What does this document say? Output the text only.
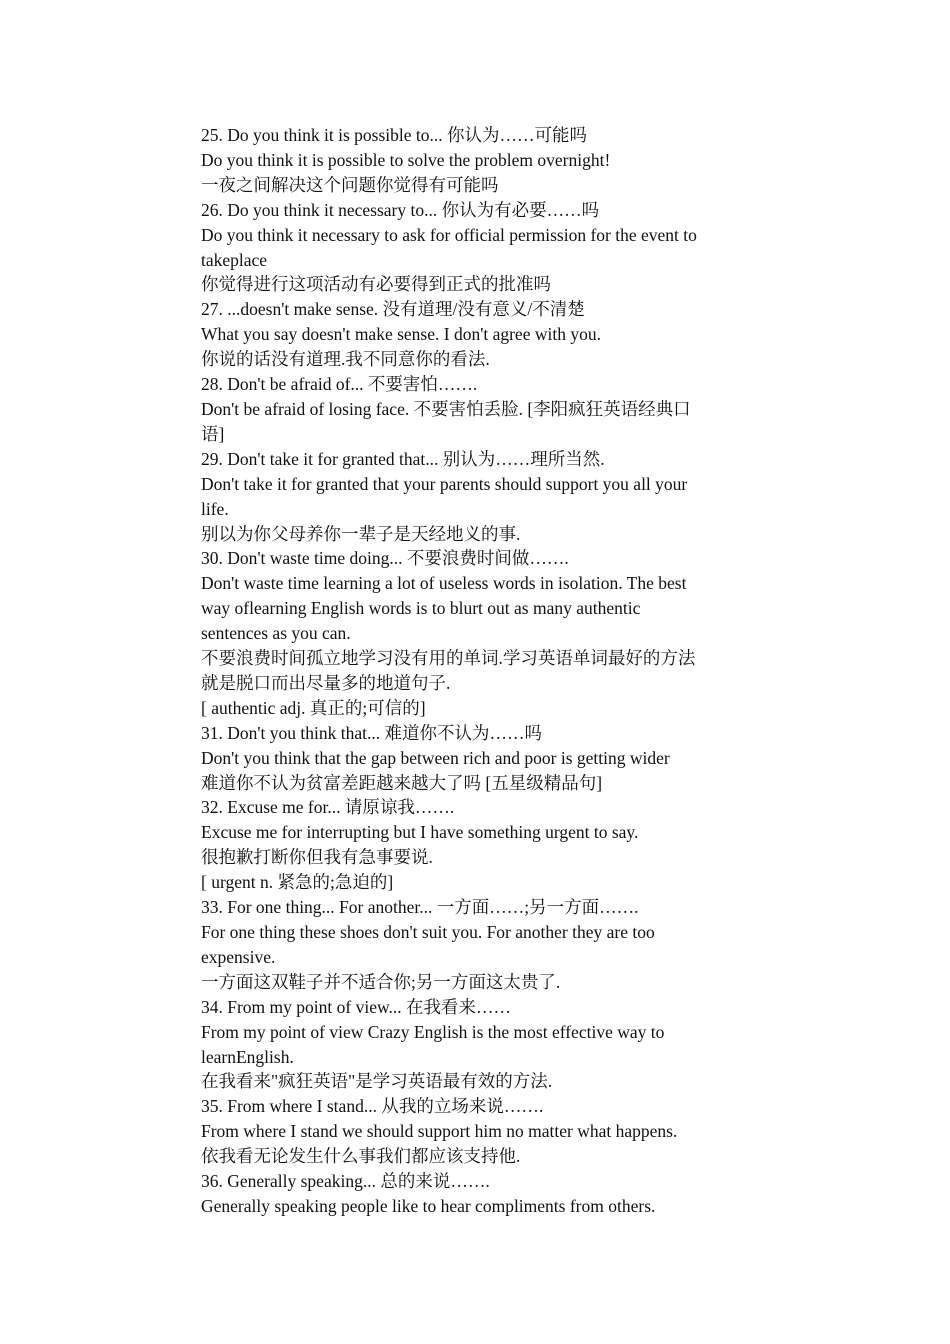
25. Do you think it is possible to... 你认为……可能吗
Do you think it is possible to solve the problem overnight!
一夜之间解决这个问题你觉得有可能吗
26. Do you think it necessary to... 你认为有必要……吗
Do you think it necessary to ask for official permission for the event to
takeplace
你觉得进行这项活动有必要得到正式的批准吗
27. ...doesn't make sense. 没有道理/没有意义/不清楚
What you say doesn't make sense. I don't agree with you.
你说的话没有道理.我不同意你的看法.
28. Don't be afraid of... 不要害怕…….
Don't be afraid of losing face. 不要害怕丢脸. [李阳疯狂英语经典口
语]
29. Don't take it for granted that... 别认为……理所当然.
Don't take it for granted that your parents should support you all your
life.
别以为你父母养你一辈子是天经地义的事.
30. Don't waste time doing... 不要浪费时间做…….
Don't waste time learning a lot of useless words in isolation. The best
way oflearning English words is to blurt out as many authentic
sentences as you can.
不要浪费时间孤立地学习没有用的单词.学习英语单词最好的方法
就是脱口而出尽量多的地道句子.
[ authentic adj. 真正的;可信的]
31. Don't you think that... 难道你不认为……吗
Don't you think that the gap between rich and poor is getting wider
难道你不认为贫富差距越来越大了吗 [五星级精品句]
32. Excuse me for... 请原谅我…….
Excuse me for interrupting but I have something urgent to say.
很抱歉打断你但我有急事要说.
[ urgent n. 紧急的;急迫的]
33. For one thing... For another... 一方面……;另一方面…….
For one thing these shoes don't suit you. For another they are too
expensive.
一方面这双鞋子并不适合你;另一方面这太贵了.
34. From my point of view... 在我看来……
From my point of view Crazy English is the most effective way to
learnEnglish.
在我看来"疯狂英语"是学习英语最有效的方法.
35. From where I stand... 从我的立场来说…….
From where I stand we should support him no matter what happens.
依我看无论发生什么事我们都应该支持他.
36. Generally speaking... 总的来说…….
Generally speaking people like to hear compliments from others.
